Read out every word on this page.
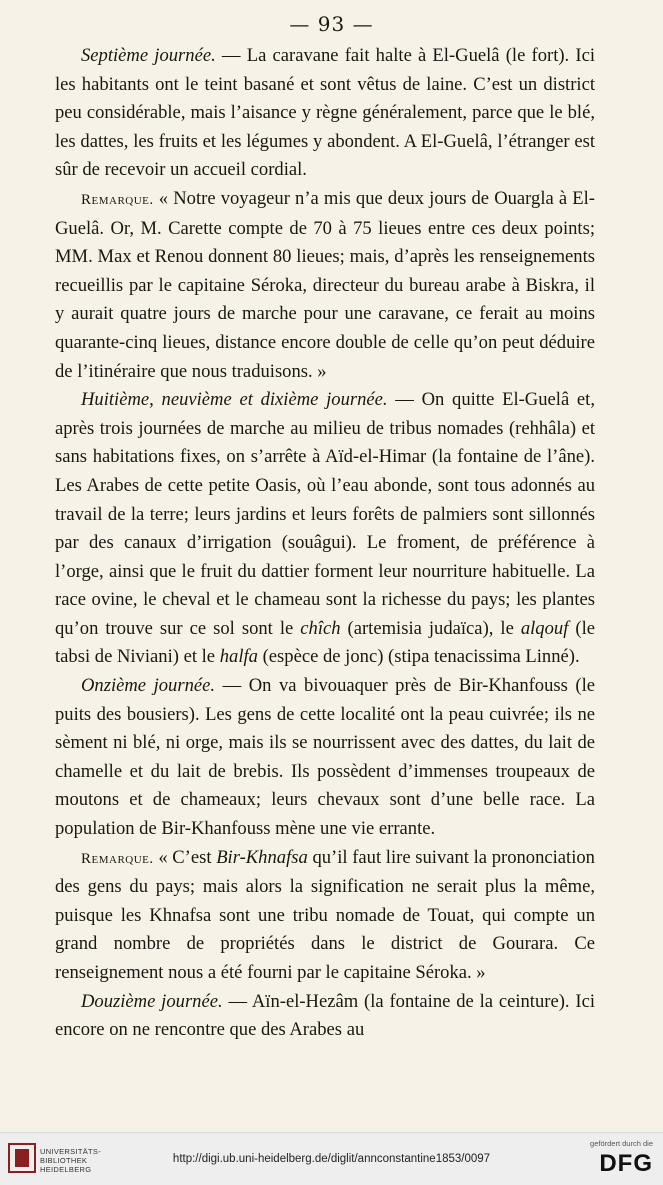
— 93 —

Septième journée. — La caravane fait halte à El-Guelâ (le fort). Ici les habitants ont le teint basané et sont vêtus de laine. C’est un district peu considérable, mais l’aisance y règne généralement, parce que le blé, les dattes, les fruits et les légumes y abondent. A El-Guelâ, l’étranger est sûr de recevoir un accueil cordial.

Remarque. « Notre voyageur n’a mis que deux jours de Ouargla à El-Guelâ. Or, M. Carette compte de 70 à 75 lieues entre ces deux points; MM. Max et Renou donnent 80 lieues; mais, d’après les renseignements recueillis par le capitaine Séroka, directeur du bureau arabe à Biskra, il y aurait quatre jours de marche pour une caravane, ce ferait au moins quarante-cinq lieues, distance encore double de celle qu’on peut déduire de l’itinéraire que nous traduisons. »

Huitième, neuvième et dixième journée. — On quitte El-Guelâ et, après trois journées de marche au milieu de tribus nomades (rehhâla) et sans habitations fixes, on s’arrête à Aïd-el-Himar (la fontaine de l’âne). Les Arabes de cette petite Oasis, où l’eau abonde, sont tous adonnés au travail de la terre; leurs jardins et leurs forêts de palmiers sont sillonnés par des canaux d’irrigation (souâgui). Le froment, de préférence à l’orge, ainsi que le fruit du dattier forment leur nourriture habituelle. La race ovine, le cheval et le chameau sont la richesse du pays; les plantes qu’on trouve sur ce sol sont le chîch (artemisia judaïca), le alqouf (le tabsi de Niviani) et le halfa (espèce de jonc) (stipa tenacissima Linné).

Onzième journée. — On va bivouaquer près de Bir-Khanfouss (le puits des bousiers). Les gens de cette localité ont la peau cuivrée; ils ne sèment ni blé, ni orge, mais ils se nourrissent avec des dattes, du lait de chamelle et du lait de brebis. Ils possèdent d’immenses troupeaux de moutons et de chameaux; leurs chevaux sont d’une belle race. La population de Bir-Khanfouss mène une vie errante.

Remarque. « C’est Bir-Khnafsa qu’il faut lire suivant la prononciation des gens du pays; mais alors la signification ne serait plus la même, puisque les Khnafsa sont une tribu nomade de Touat, qui compte un grand nombre de propriétés dans le district de Gourara. Ce renseignement nous a été fourni par le capitaine Séroka. »

Douzième journée. — Aïn-el-Hezâm (la fontaine de la ceinture). Ici encore on ne rencontre que des Arabes au

UNIVERSITÄTS-
BIBLIOTHEK
HEIDELBERG
http://digi.ub.uni-heidelberg.de/diglit/annconstantine1853/0097
gefördert durch die
DFG
